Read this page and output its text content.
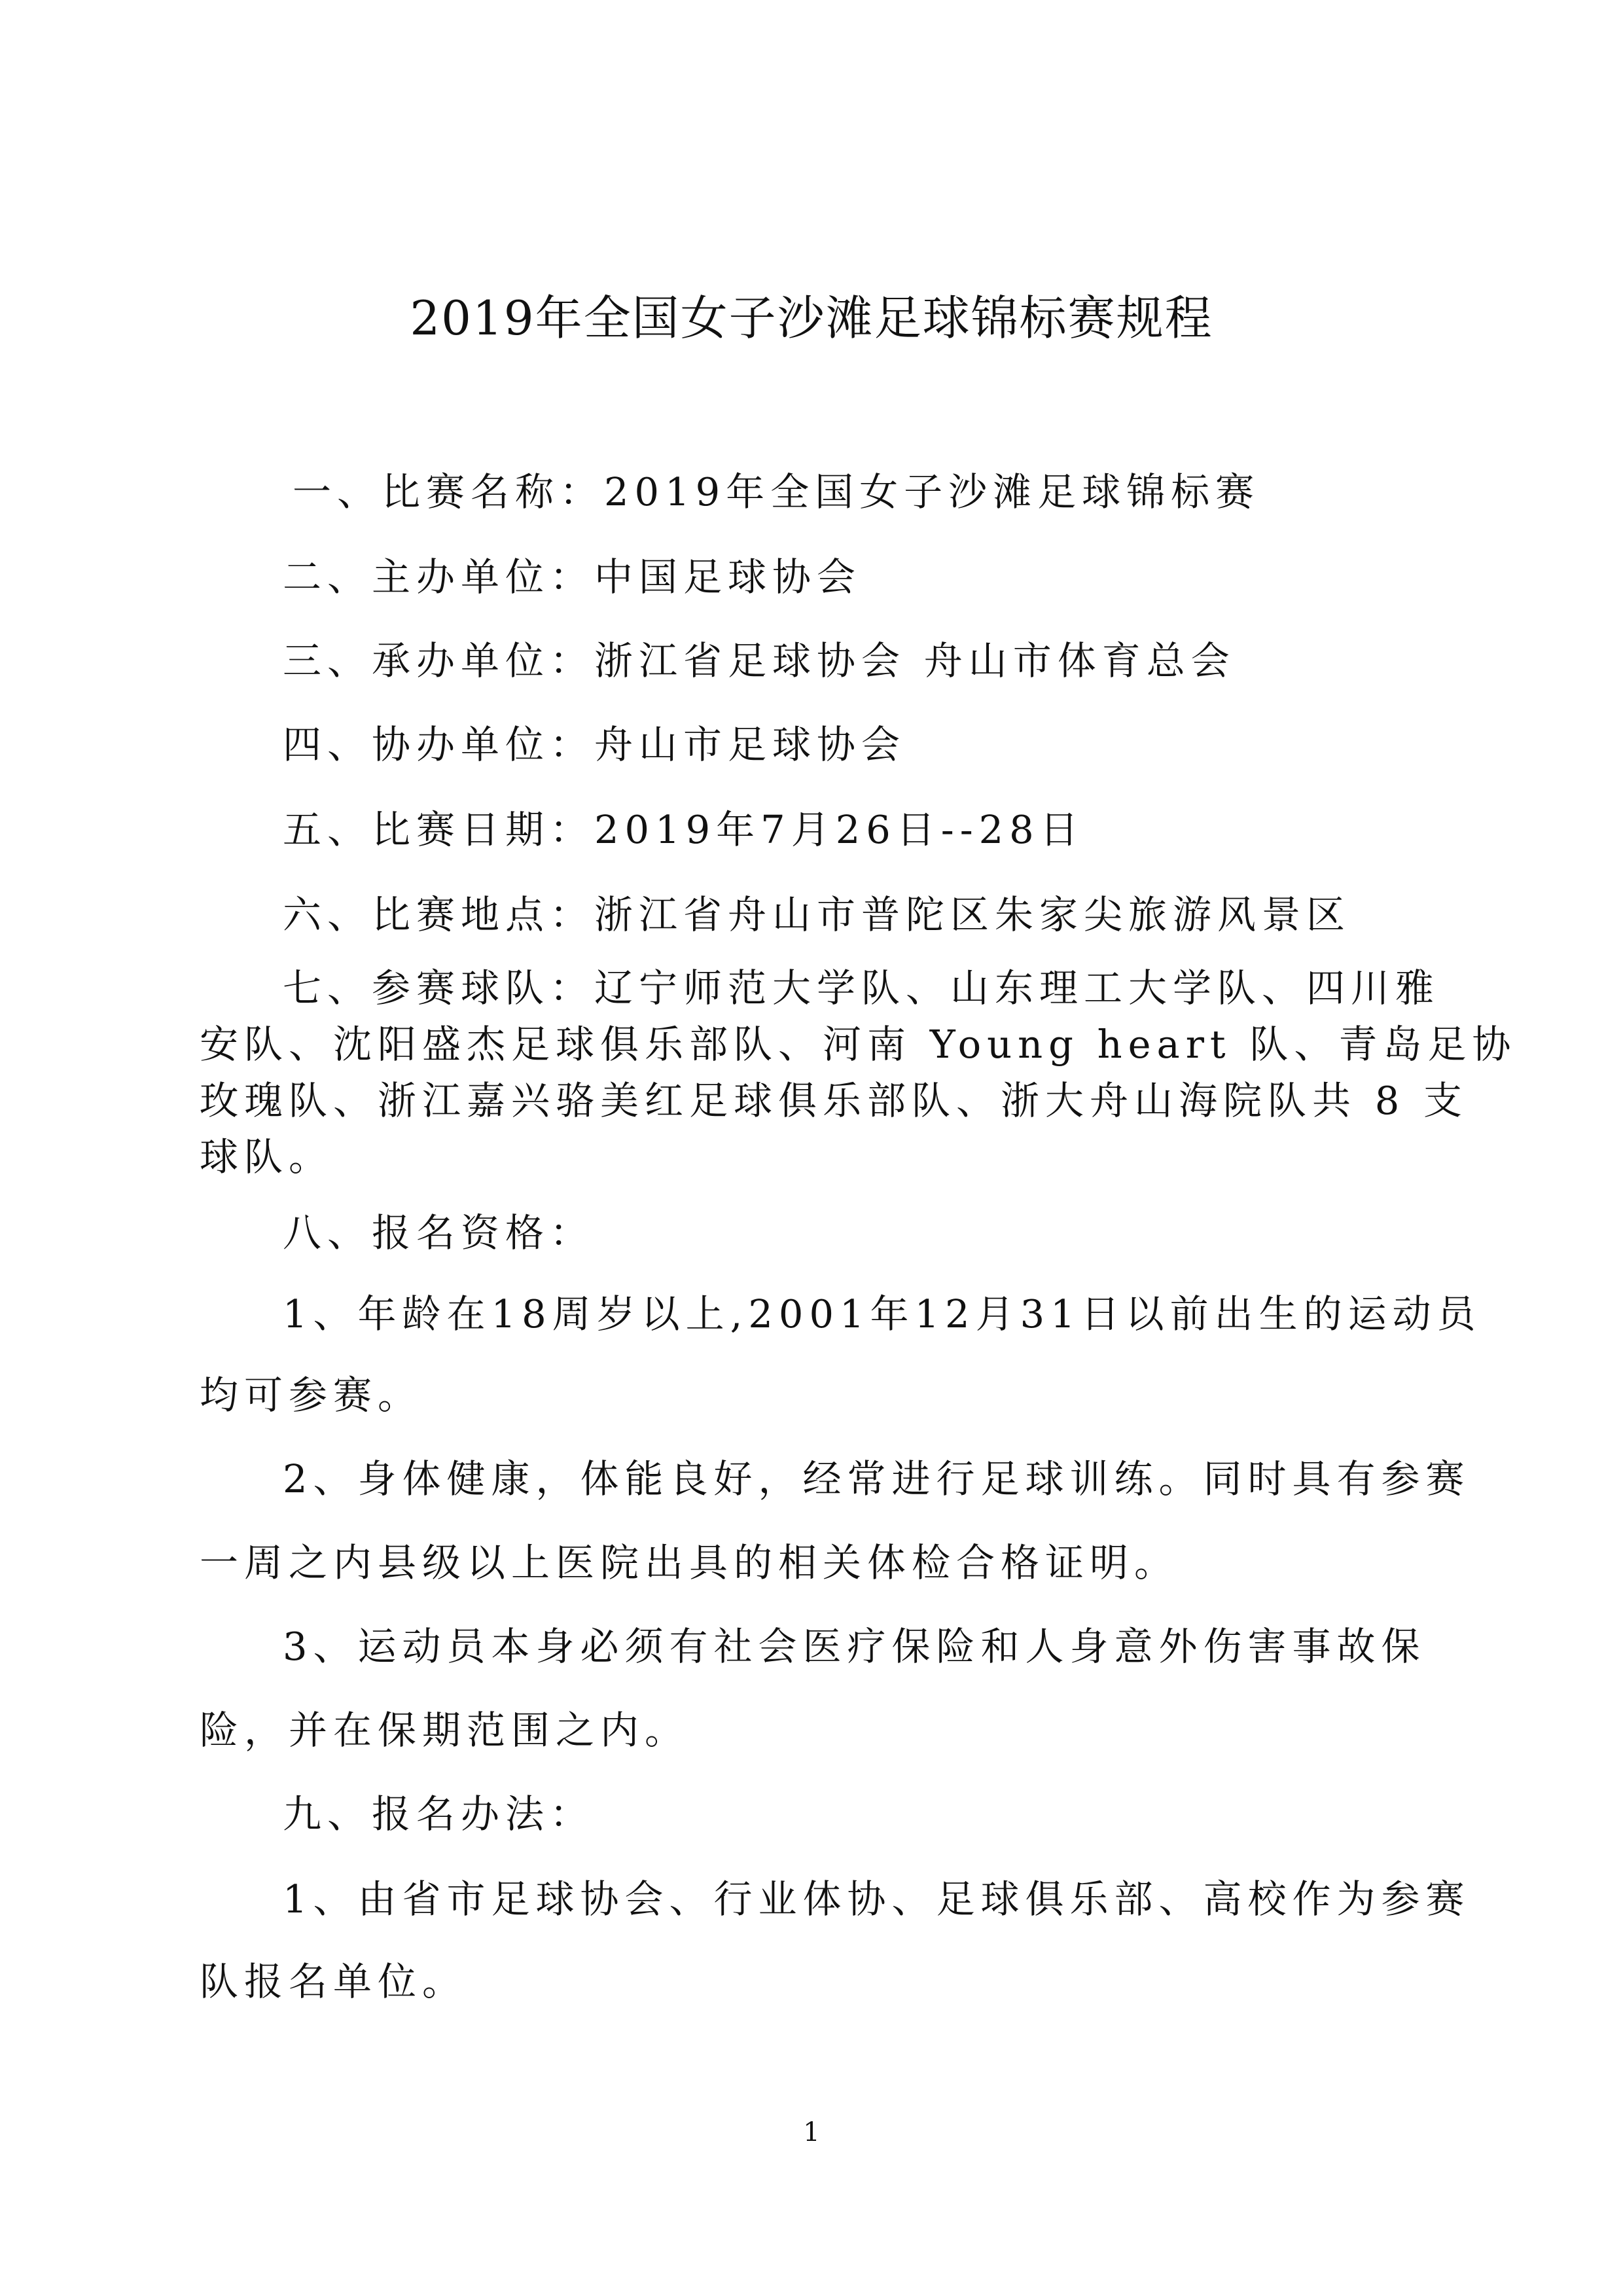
2019年全国女子沙滩足球锦标赛规程
一、比赛名称：2019年全国女子沙滩足球锦标赛
二、主办单位：中国足球协会
三、承办单位：浙江省足球协会 舟山市体育总会
四、协办单位：舟山市足球协会
五、比赛日期：2019年7月26日--28日
六、比赛地点：浙江省舟山市普陀区朱家尖旅游风景区
七、参赛球队：辽宁师范大学队、山东理工大学队、四川雅
安队、沈阳盛杰足球俱乐部队、河南 Young heart 队、青岛足协
玫瑰队、浙江嘉兴骆美红足球俱乐部队、浙大舟山海院队共 8 支
球队。
八、报名资格：
1、年龄在18周岁以上,2001年12月31日以前出生的运动员
均可参赛。
2、身体健康，体能良好，经常进行足球训练。同时具有参赛
一周之内县级以上医院出具的相关体检合格证明。
3、运动员本身必须有社会医疗保险和人身意外伤害事故保
险，并在保期范围之内。
九、报名办法：
1、由省市足球协会、行业体协、足球俱乐部、高校作为参赛
队报名单位。
1
